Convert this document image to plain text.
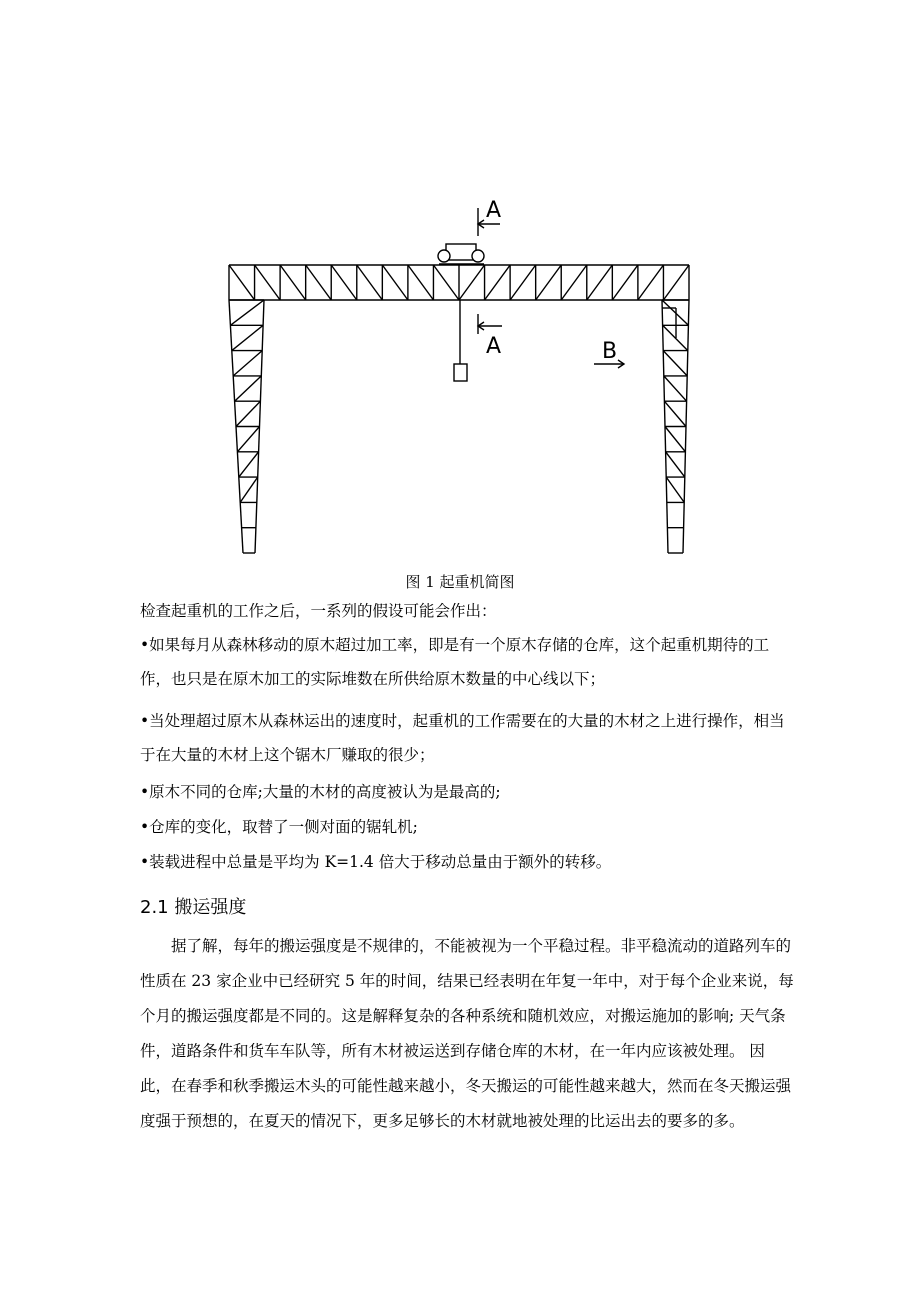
A
A	B
图 1 起重机简图
检查起重机的工作之后，一系列的假设可能会作出：
•如果每月从森林移动的原木超过加工率，即是有一个原木存储的仓库，这个起重机期待的工作，也只是在原木加工的实际堆数在所供给原木数量的中心线以下；
•当处理超过原木从森林运出的速度时，起重机的工作需要在的大量的木材之上进行操作，相当于在大量的木材上这个锯木厂赚取的很少；
•原木不同的仓库;大量的木材的高度被认为是最高的;
•仓库的变化，取替了一侧对面的锯轧机;
•装载进程中总量是平均为 K=1.4 倍大于移动总量由于额外的转移。
2.1 搬运强度
据了解，每年的搬运强度是不规律的，不能被视为一个平稳过程。非平稳流动的道路列车的性质在 23 家企业中已经研究 5 年的时间，结果已经表明在年复一年中，对于每个企业来说，每个月的搬运强度都是不同的。这是解释复杂的各种系统和随机效应，对搬运施加的影响; 天气条件，道路条件和货车车队等，所有木材被运送到存储仓库的木材，在一年内应该被处理。 因此，在春季和秋季搬运木头的可能性越来越小，冬天搬运的可能性越来越大，然而在冬天搬运强度强于预想的，在夏天的情况下，更多足够长的木材就地被处理的比运出去的要多的多。
